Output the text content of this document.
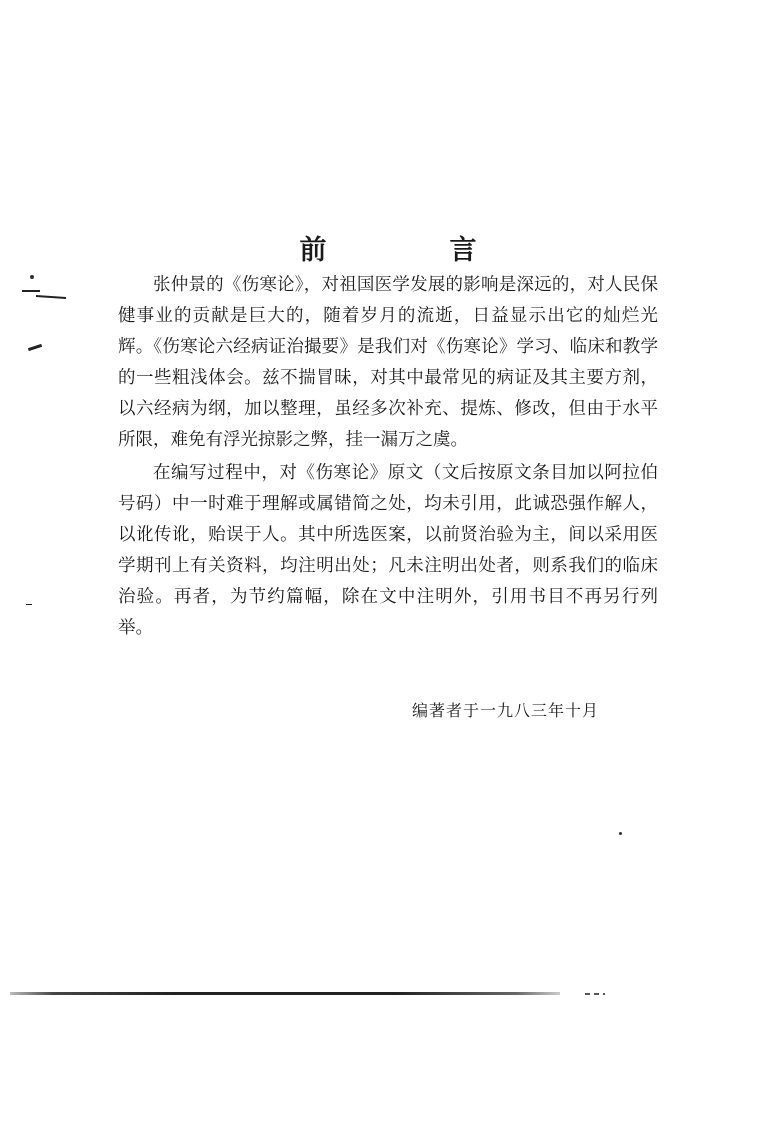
前　言

张仲景的《伤寒论》，对祖国医学发展的影响是深远的，对人民保健事业的贡献是巨大的，随着岁月的流逝，日益显示出它的灿烂光辉。《伤寒论六经病证治撮要》是我们对《伤寒论》学习、临床和教学的一些粗浅体会。兹不揣冒昧，对其中最常见的病证及其主要方剂，以六经病为纲，加以整理，虽经多次补充、提炼、修改，但由于水平所限，难免有浮光掠影之弊，挂一漏万之虞。

在编写过程中，对《伤寒论》原文（文后按原文条目加以阿拉伯号码）中一时难于理解或属错简之处，均未引用，此诚恐强作解人，以讹传讹，贻误于人。其中所选医案，以前贤治验为主，间以采用医学期刊上有关资料，均注明出处；凡未注明出处者，则系我们的临床治验。再者，为节约篇幅，除在文中注明外，引用书目不再另行列举。

编著者于一九八三年十月
